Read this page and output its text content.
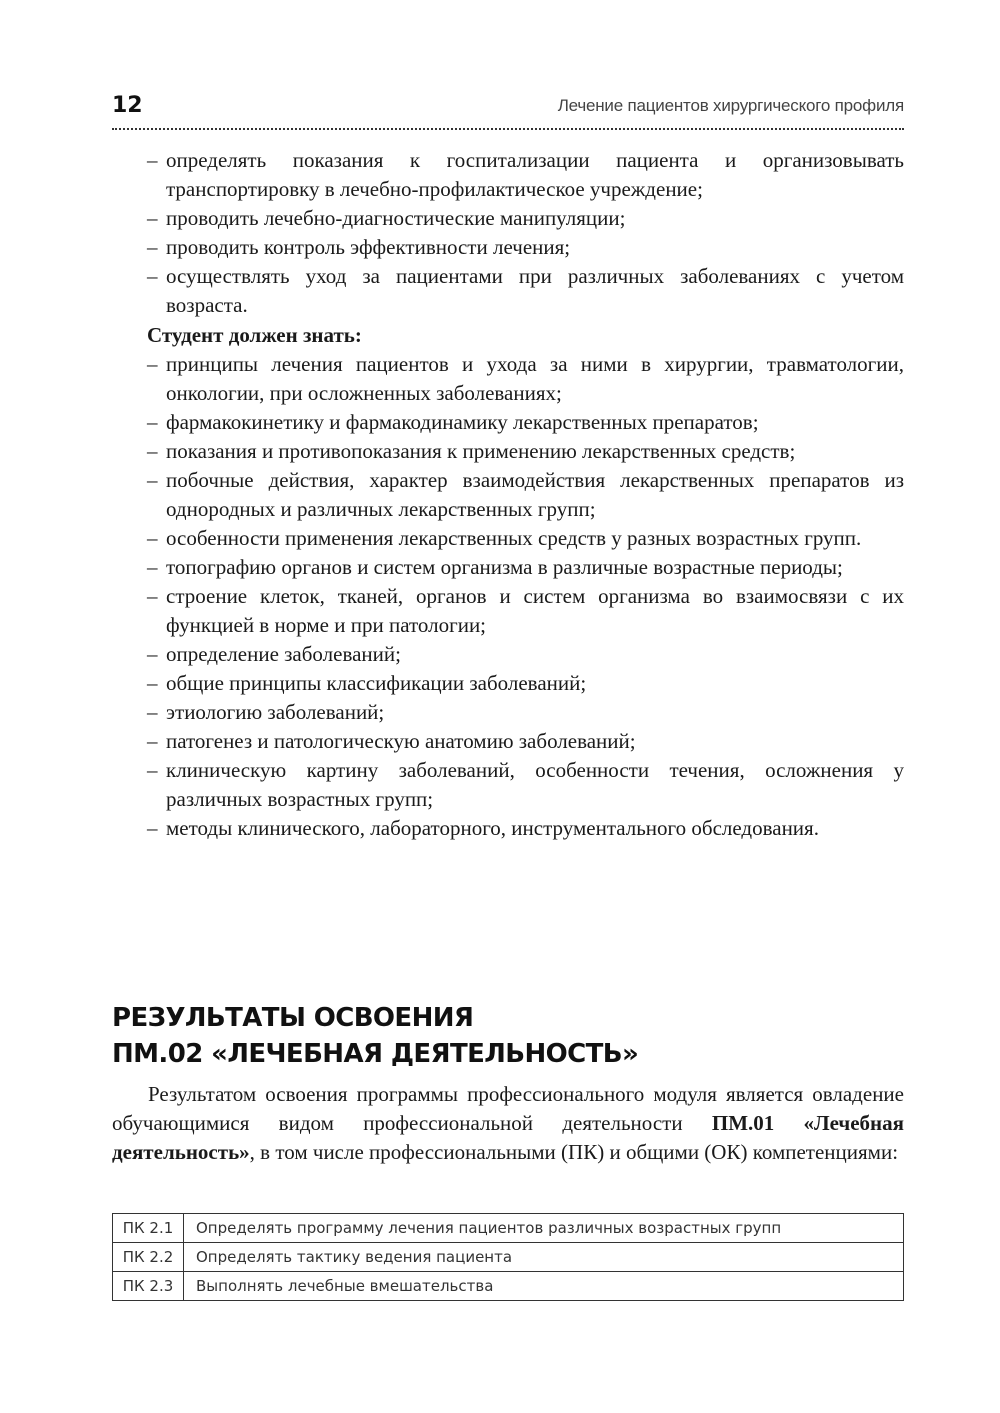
12	Лечение пациентов хирургического профиля
– определять показания к госпитализации пациента и организовывать транспортировку в лечебно-профилактическое учреждение;
– проводить лечебно-диагностические манипуляции;
– проводить контроль эффективности лечения;
– осуществлять уход за пациентами при различных заболеваниях с учетом возраста.
Студент должен знать:
– принципы лечения пациентов и ухода за ними в хирургии, травматологии, онкологии, при осложненных заболеваниях;
– фармакокинетику и фармакодинамику лекарственных препаратов;
– показания и противопоказания к применению лекарственных средств;
– побочные действия, характер взаимодействия лекарственных препаратов из однородных и различных лекарственных групп;
– особенности применения лекарственных средств у разных возрастных групп.
– топографию органов и систем организма в различные возрастные периоды;
– строение клеток, тканей, органов и систем организма во взаимосвязи с их функцией в норме и при патологии;
– определение заболеваний;
– общие принципы классификации заболеваний;
– этиологию заболеваний;
– патогенез и патологическую анатомию заболеваний;
– клиническую картину заболеваний, особенности течения, осложнения у различных возрастных групп;
– методы клинического, лабораторного, инструментального обследования.
РЕЗУЛЬТАТЫ ОСВОЕНИЯ
ПМ.02 «ЛЕЧЕБНАЯ ДЕЯТЕЛЬНОСТЬ»

Результатом освоения программы профессионального модуля является овладение обучающимися видом профессиональной деятельности ПМ.01 «Лечебная деятельность», в том числе профессиональными (ПК) и общими (ОК) компетенциями:

ПК 2.1	Определять программу лечения пациентов различных возрастных групп
ПК 2.2	Определять тактику ведения пациента
ПК 2.3	Выполнять лечебные вмешательства
